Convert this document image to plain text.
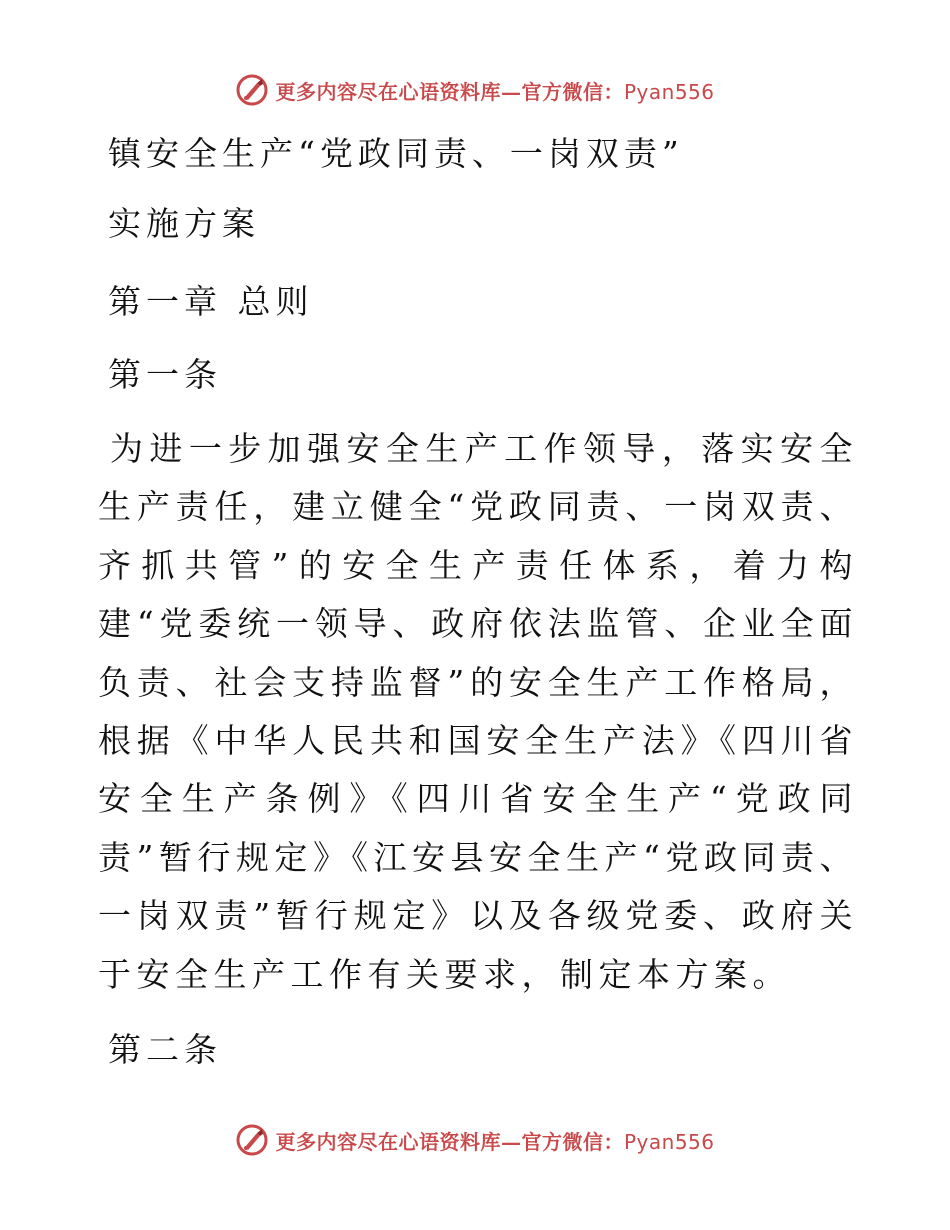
更多内容尽在心语资料库—官方微信：Pyan556
镇安全生产“党政同责、一岗双责”
实施方案
第一章 总则
第一条
为进一步加强安全生产工作领导，落实安全生产责任，建立健全“党政同责、一岗双责、齐抓共管”的安全生产责任体系，着力构建“党委统一领导、政府依法监管、企业全面负责、社会支持监督”的安全生产工作格局，根据《中华人民共和国安全生产法》《四川省安全生产条例》《四川省安全生产“党政同责”暂行规定》《江安县安全生产“党政同责、一岗双责”暂行规定》以及各级党委、政府关于安全生产工作有关要求，制定本方案。
第二条
更多内容尽在心语资料库—官方微信：Pyan556
